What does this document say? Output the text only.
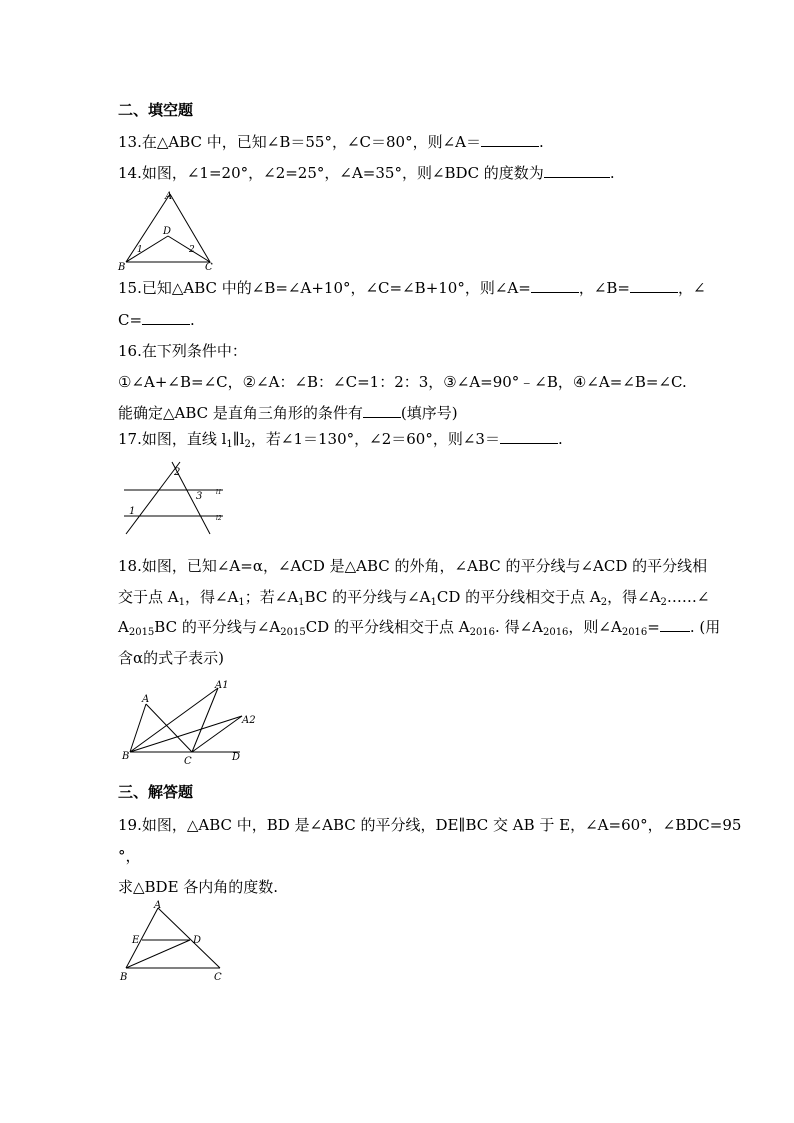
二、填空题
13.在△ABC 中，已知∠B＝55°，∠C＝80°，则∠A＝	.
14.如图，∠1=20°，∠2=25°，∠A=35°，则∠BDC 的度数为	.
A
D
1	2
B	C
15.已知△ABC 中的∠B=∠A+10°，∠C=∠B+10°，则∠A=	，∠B=	，∠
C=	.
16.在下列条件中：
①∠A+∠B=∠C，②∠A：∠B：∠C=1：2：3，③∠A=90°﹣∠B，④∠A=∠B=∠C.
能确定△ABC 是直角三角形的条件有	(填序号)
17.如图，直线 $l_1\parallel l_2$，若∠1＝130°，∠2＝60°，则∠3＝	.
2
3
1
l1
l2
18.如图，已知∠A=α，∠ACD 是△ABC 的外角，∠ABC 的平分线与∠ACD 的平分线相
交于点 $A_1$，得$\angle A_1$；若$\angle A_1BC$ 的平分线与$\angle A_1CD$ 的平分线相交于点 $A_2$，得$\angle A_2\dots\dots\angle$
$A_{2015}BC$ 的平分线与$\angle A_{2015}CD$ 的平分线相交于点 $A_{2016}$. 得$\angle A_{2016}$，则$\angle A_{2016}=$ . (用
含α的式子表示)
A
A1
A2
B	C	D
三、解答题
19.如图，△ABC 中，BD 是∠ABC 的平分线，DE∥BC 交 AB 于 E，∠A=60°，∠BDC=95
°，
求△BDE 各内角的度数.
A
E	D
B	C
